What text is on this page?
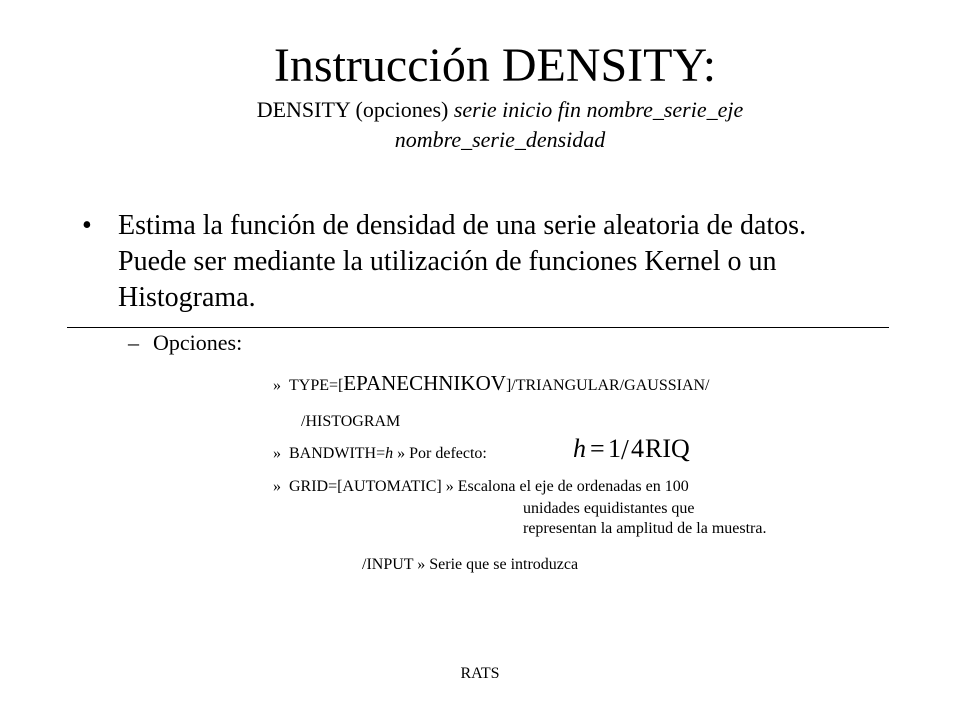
Instrucción DENSITY:
DENSITY (opciones) serie inicio fin nombre_serie_eje
nombre_serie_densidad
• Estima la función de densidad de una serie aleatoria de datos. Puede ser mediante la utilización de funciones Kernel o un Histograma.
– Opciones:
» TYPE=[EPANECHNIKOV]/TRIANGULAR/GAUSSIAN/
/HISTOGRAM
» BANDWITH=h » Por defecto:	h = 1 / 4 RIQ
» GRID=[AUTOMATIC] » Escalona el eje de ordenadas en 100
unidades equidistantes que
representan la amplitud de la muestra.
/INPUT » Serie que se introduzca
RATS
